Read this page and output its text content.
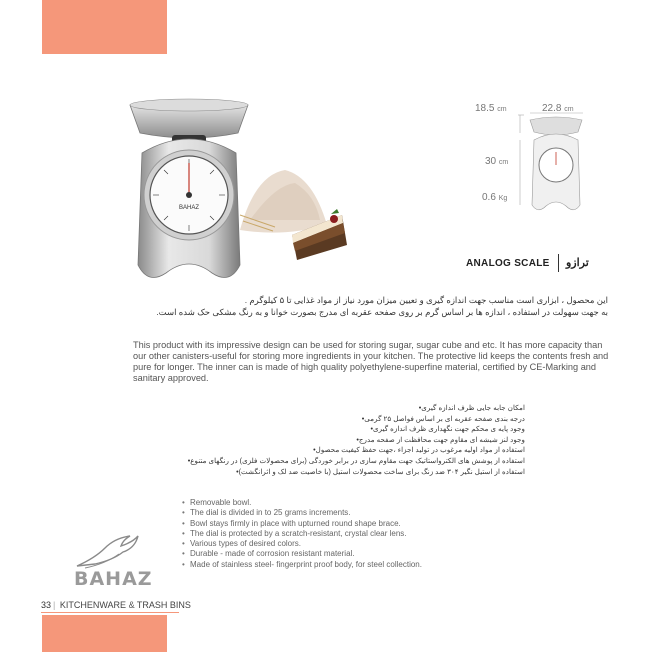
BAHAZ
18.5 cm	22.8 cm
30 cm
0.6 Kg
ANALOG SCALE ترازو
این محصول ، ابزاری است مناسب جهت اندازه گیری و تعیین میزان مورد نیاز از مواد غذایی تا ۵ کیلوگرم .
به جهت سهولت در استفاده ، اندازه ها بر اساس گرم بر روی صفحه عقربه ای مدرج بصورت خوانا و به رنگ مشکی حک شده است.
This product with its impressive design can be used for storing sugar, sugar cube and etc. It has more capacity than our other canisters-useful for storing more ingredients in your kitchen. The protective lid keeps the contents fresh and pure for longer. The inner can is made of high quality polyethylene-superfine material, certified by CE-Marking and sanitary approved.
امکان جابه جایی ظرف اندازه گیری •
درجه بندی صفحه عقربه ای بر اساس فواصل ۲۵ گرمی •
وجود پایه ی محکم جهت نگهداری ظرف اندازه گیری •
وجود لنز شیشه ای مقاوم جهت محافظت از صفحه مدرج •
استفاده از مواد اولیه مرغوب در تولید اجزاء ،جهت حفظ کیفیت محصول •
استفاده از پوشش های الکترواستاتیک جهت مقاوم سازی در برابر خوردگی (برای محصولات فلزی) در رنگهای متنوع •
استفاده از استیل نگیر ۳۰۴ ضد زنگ برای ساخت محصولات استیل (با خاصیت ضد لک و اثرانگشت) •
• Removable bowl.
• The dial is divided in to 25 grams increments.
• Bowl stays firmly in place with upturned round shape brace.
• The dial is protected by a scratch-resistant, crystal clear lens.
• Various types of desired colors.
• Durable - made of corrosion resistant material.
• Made of stainless steel- fingerprint proof body, for steel collection.
BAHAZ
33 | KITCHENWARE & TRASH BINS
